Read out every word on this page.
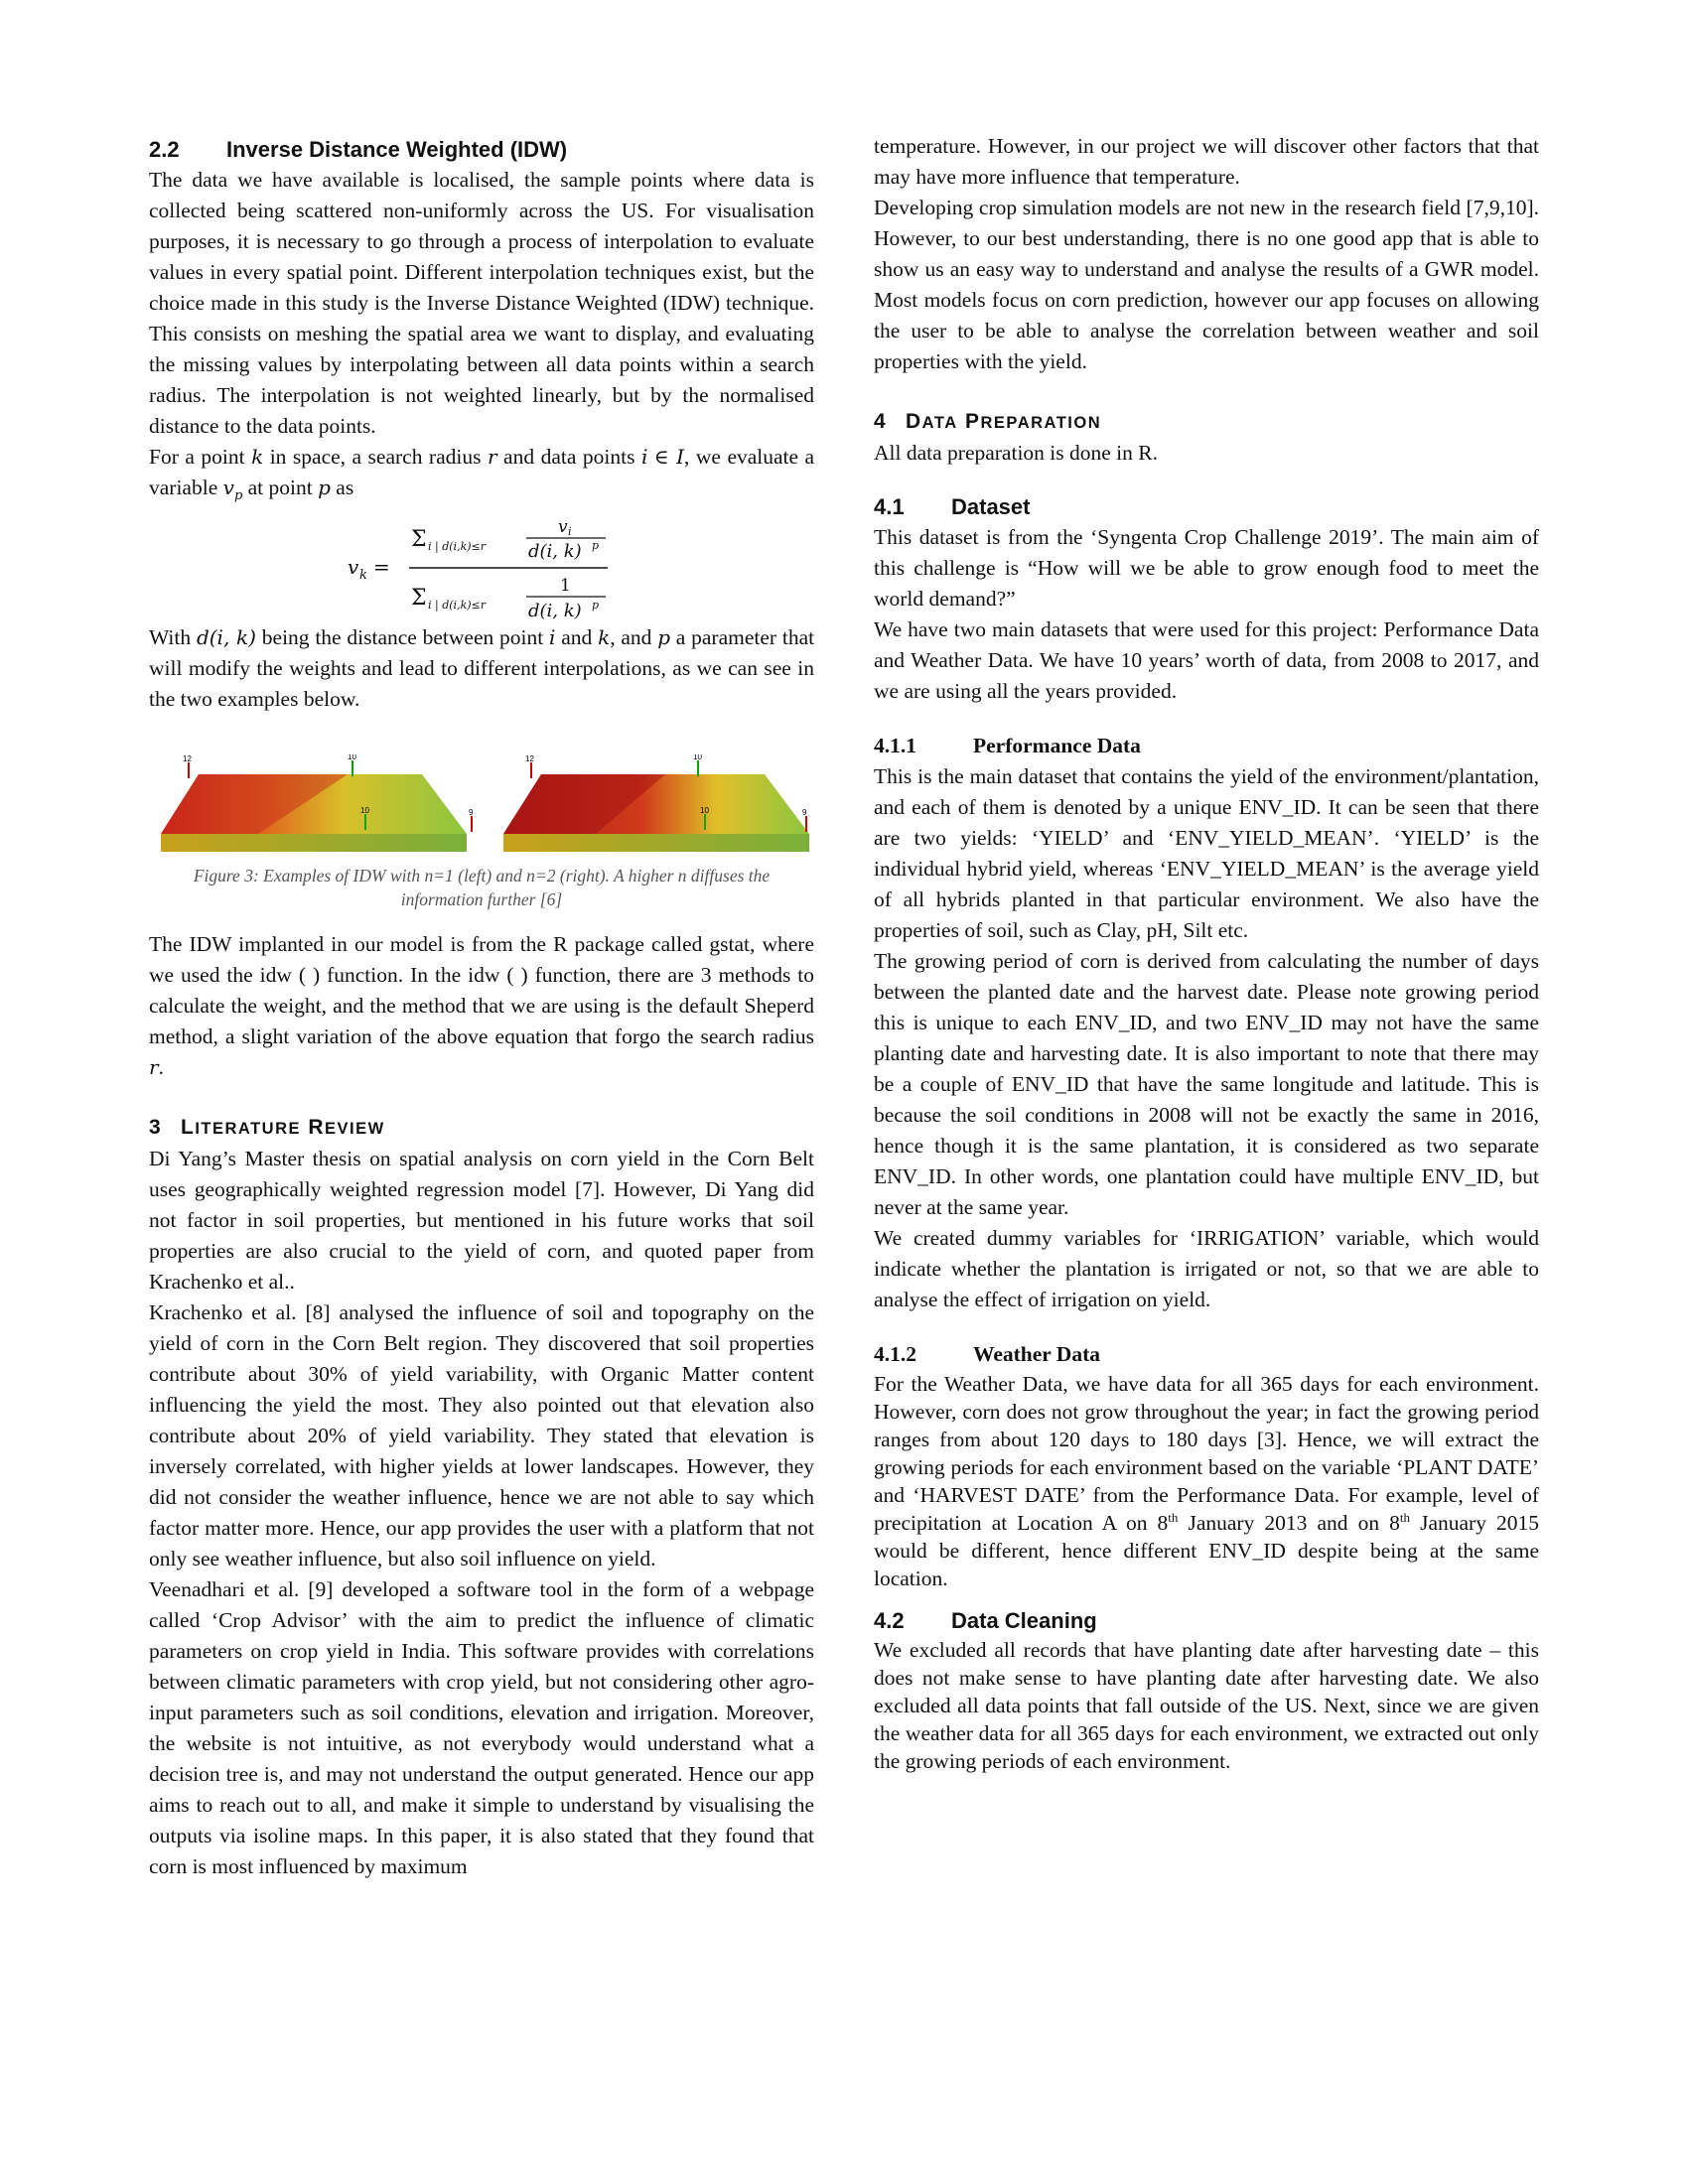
2.2	Inverse Distance Weighted (IDW)

The data we have available is localised, the sample points where data is collected being scattered non-uniformly across the US. For visualisation purposes, it is necessary to go through a process of interpolation to evaluate values in every spatial point. Different interpolation techniques exist, but the choice made in this study is the Inverse Distance Weighted (IDW) technique. This consists on meshing the spatial area we want to display, and evaluating the missing values by interpolating between all data points within a search radius. The interpolation is not weighted linearly, but by the normalised distance to the data points.

For a point k in space, a search radius r and data points i ∈ I, we evaluate a variable $v_p$ at point p as

v k =
Σ i | d(i,k)≤r
v i
d(i, k) p
Σ i | d(i,k)≤r
1
d(i, k) p

With d(i, k) being the distance between point i and k, and p a parameter that will modify the weights and lead to different interpolations, as we can see in the two examples below.

12	10
10	9
12	10
10	9
Figure 3: Examples of IDW with n=1 (left) and n=2 (right). A higher n diffuses the information further [6]

The IDW implanted in our model is from the R package called gstat, where we used the idw ( ) function. In the idw ( ) function, there are 3 methods to calculate the weight, and the method that we are using is the default Sheperd method, a slight variation of the above equation that forgo the search radius r.

3 LITERATURE REVIEW

Di Yang’s Master thesis on spatial analysis on corn yield in the Corn Belt uses geographically weighted regression model [7]. However, Di Yang did not factor in soil properties, but mentioned in his future works that soil properties are also crucial to the yield of corn, and quoted paper from Krachenko et al..

Krachenko et al. [8] analysed the influence of soil and topography on the yield of corn in the Corn Belt region. They discovered that soil properties contribute about 30% of yield variability, with Organic Matter content influencing the yield the most. They also pointed out that elevation also contribute about 20% of yield variability. They stated that elevation is inversely correlated, with higher yields at lower landscapes. However, they did not consider the weather influence, hence we are not able to say which factor matter more. Hence, our app provides the user with a platform that not only see weather influence, but also soil influence on yield.

Veenadhari et al. [9] developed a software tool in the form of a webpage called ‘Crop Advisor’ with the aim to predict the influence of climatic parameters on crop yield in India. This software provides with correlations between climatic parameters with crop yield, but not considering other agro-input parameters such as soil conditions, elevation and irrigation. Moreover, the website is not intuitive, as not everybody would understand what a decision tree is, and may not understand the output generated. Hence our app aims to reach out to all, and make it simple to understand by visualising the outputs via isoline maps. In this paper, it is also stated that they found that corn is most influenced by maximum

temperature. However, in our project we will discover other factors that that may have more influence that temperature.

Developing crop simulation models are not new in the research field [7,9,10]. However, to our best understanding, there is no one good app that is able to show us an easy way to understand and analyse the results of a GWR model. Most models focus on corn prediction, however our app focuses on allowing the user to be able to analyse the correlation between weather and soil properties with the yield.

4 DATA PREPARATION

All data preparation is done in R.

4.1	Dataset

This dataset is from the ‘Syngenta Crop Challenge 2019’. The main aim of this challenge is “How will we be able to grow enough food to meet the world demand?”

We have two main datasets that were used for this project: Performance Data and Weather Data. We have 10 years’ worth of data, from 2008 to 2017, and we are using all the years provided.

4.1.1	Performance Data

This is the main dataset that contains the yield of the environment/plantation, and each of them is denoted by a unique ENV_ID. It can be seen that there are two yields: ‘YIELD’ and ‘ENV_YIELD_MEAN’. ‘YIELD’ is the individual hybrid yield, whereas ‘ENV_YIELD_MEAN’ is the average yield of all hybrids planted in that particular environment. We also have the properties of soil, such as Clay, pH, Silt etc.

The growing period of corn is derived from calculating the number of days between the planted date and the harvest date. Please note growing period this is unique to each ENV_ID, and two ENV_ID may not have the same planting date and harvesting date. It is also important to note that there may be a couple of ENV_ID that have the same longitude and latitude. This is because the soil conditions in 2008 will not be exactly the same in 2016, hence though it is the same plantation, it is considered as two separate ENV_ID. In other words, one plantation could have multiple ENV_ID, but never at the same year.

We created dummy variables for ‘IRRIGATION’ variable, which would indicate whether the plantation is irrigated or not, so that we are able to analyse the effect of irrigation on yield.

4.1.2	Weather Data

For the Weather Data, we have data for all 365 days for each environment. However, corn does not grow throughout the year; in fact the growing period ranges from about 120 days to 180 days [3]. Hence, we will extract the growing periods for each environment based on the variable ‘PLANT DATE’ and ‘HARVEST DATE’ from the Performance Data. For example, level of precipitation at Location A on 8th January 2013 and on 8th January 2015 would be different, hence different ENV_ID despite being at the same location.

4.2	Data Cleaning

We excluded all records that have planting date after harvesting date – this does not make sense to have planting date after harvesting date. We also excluded all data points that fall outside of the US. Next, since we are given the weather data for all 365 days for each environment, we extracted out only the growing periods of each environment.
